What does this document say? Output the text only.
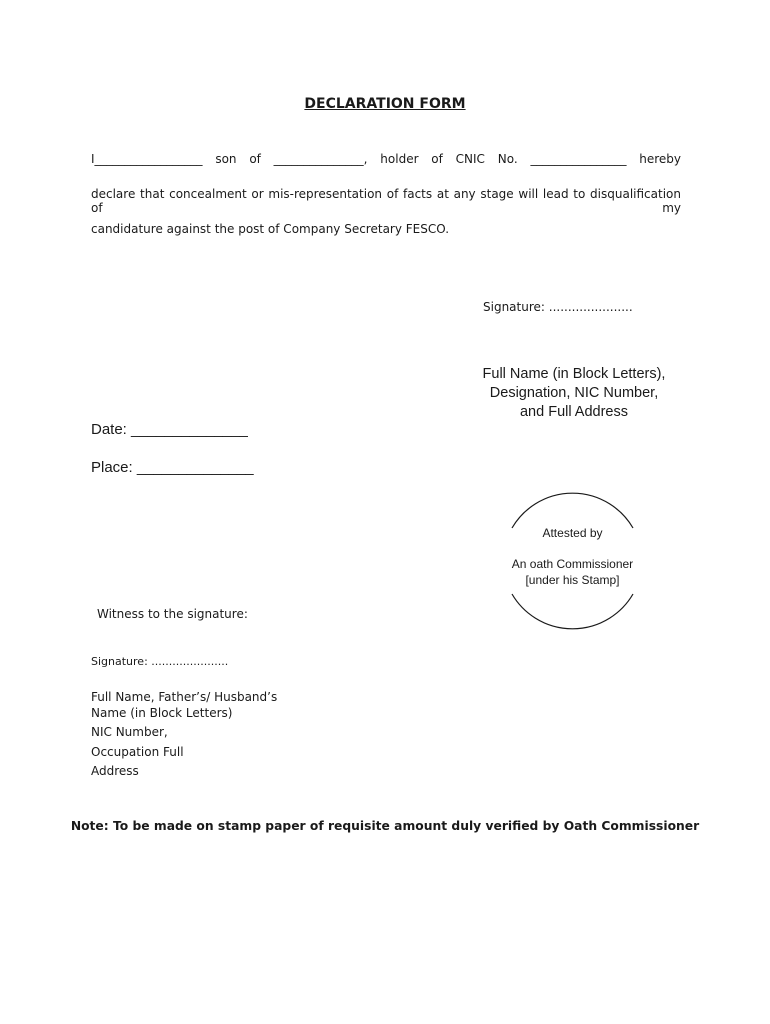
DECLARATION FORM
I__________________ son of _______________, holder of CNIC No. ________________ hereby
declare that concealment or mis-representation of facts at any stage will lead to disqualification of my
candidature against the post of Company Secretary FESCO.
Signature: ......................
Full Name (in Block Letters),
Designation, NIC Number,
and Full Address
Date: ______________
Place: ______________
Attested by
An oath Commissioner
[under his Stamp]
Witness to the signature:
Signature: ......................
Full Name, Father’s/ Husband’s
Name (in Block Letters)
NIC Number,
Occupation Full
Address
Note: To be made on stamp paper of requisite amount duly verified by Oath Commissioner
